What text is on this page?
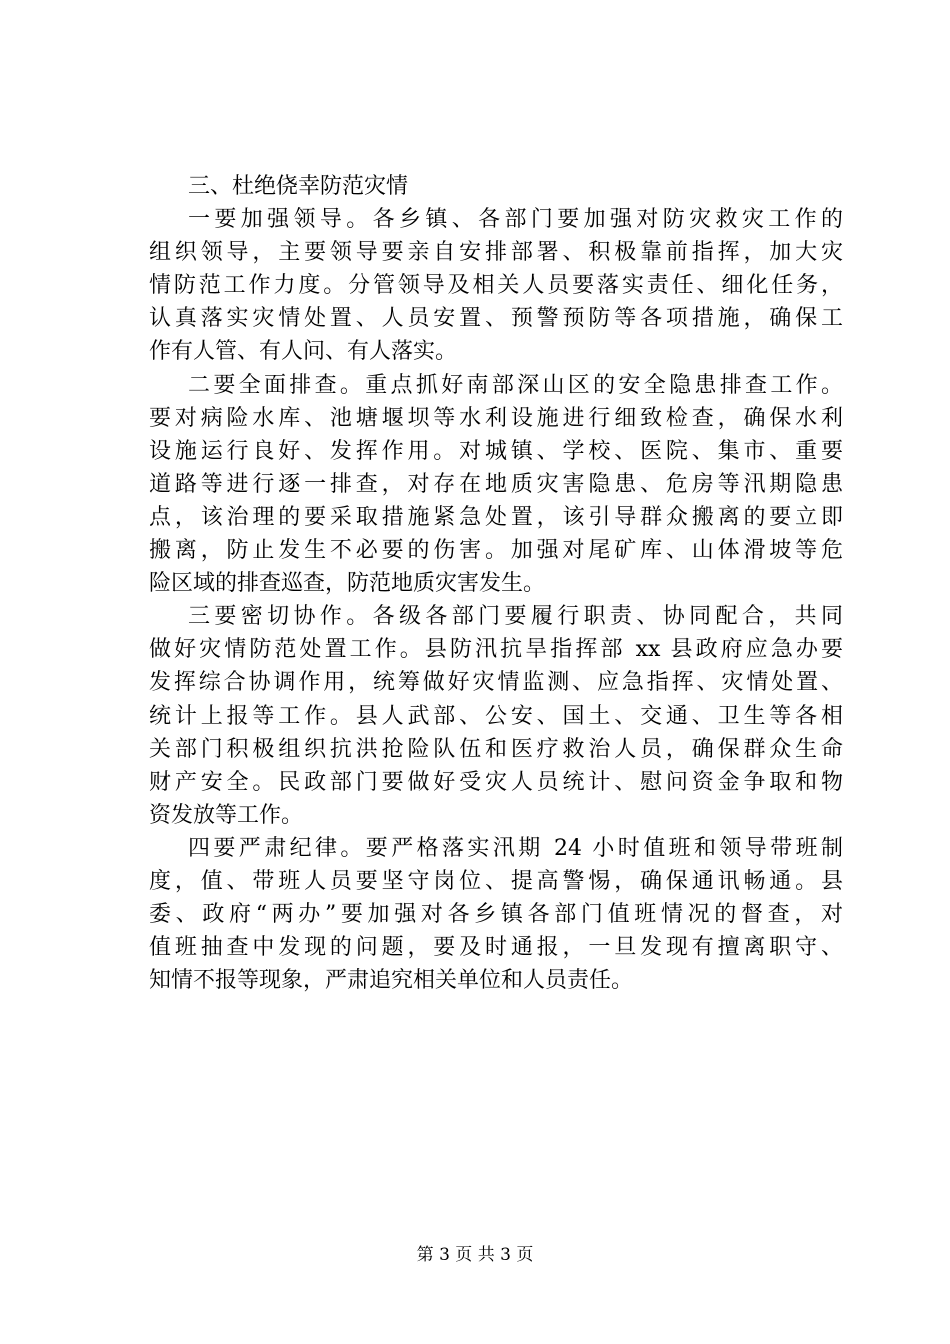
三、杜绝侥幸防范灾情
一要加强领导。各乡镇、各部门要加强对防灾救灾工作的
组织领导，主要领导要亲自安排部署、积极靠前指挥，加大灾
情防范工作力度。分管领导及相关人员要落实责任、细化任务，
认真落实灾情处置、人员安置、预警预防等各项措施，确保工
作有人管、有人问、有人落实。
二要全面排查。重点抓好南部深山区的安全隐患排查工作。
要对病险水库、池塘堰坝等水利设施进行细致检查，确保水利
设施运行良好、发挥作用。对城镇、学校、医院、集市、重要
道路等进行逐一排查，对存在地质灾害隐患、危房等汛期隐患
点，该治理的要采取措施紧急处置，该引导群众搬离的要立即
搬离，防止发生不必要的伤害。加强对尾矿库、山体滑坡等危
险区域的排查巡查，防范地质灾害发生。
三要密切协作。各级各部门要履行职责、协同配合，共同
做好灾情防范处置工作。县防汛抗旱指挥部 xx 县政府应急办要
发挥综合协调作用，统筹做好灾情监测、应急指挥、灾情处置、
统计上报等工作。县人武部、公安、国土、交通、卫生等各相
关部门积极组织抗洪抢险队伍和医疗救治人员，确保群众生命
财产安全。民政部门要做好受灾人员统计、慰问资金争取和物
资发放等工作。
四要严肃纪律。要严格落实汛期 24 小时值班和领导带班制
度，值、带班人员要坚守岗位、提高警惕，确保通讯畅通。县
委、政府“两办”要加强对各乡镇各部门值班情况的督查，对
值班抽查中发现的问题，要及时通报，一旦发现有擅离职守、
知情不报等现象，严肃追究相关单位和人员责任。
第 3 页 共 3 页
